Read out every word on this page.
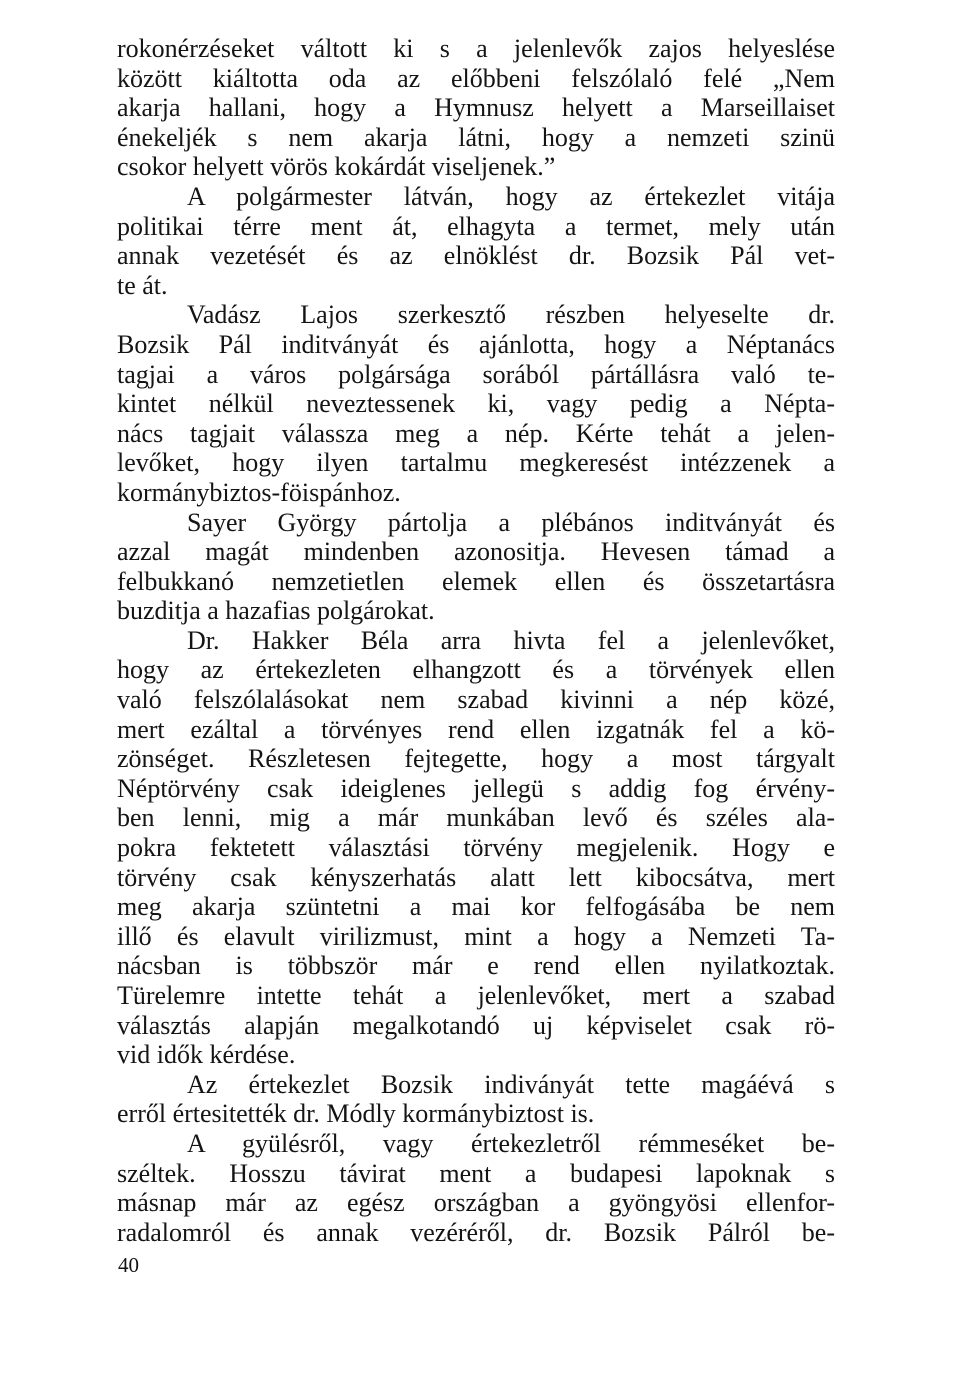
rokonérzéseket váltott ki s a jelenlevők zajos helyeslése
között kiáltotta oda az előbbeni felszólaló felé „Nem
akarja hallani, hogy a Hymnusz helyett a Marseillaiset
énekeljék s nem akarja látni, hogy a nemzeti szinü
csokor helyett vörös kokárdát viseljenek.”
A polgármester látván, hogy az értekezlet vitája
politikai térre ment át, elhagyta a termet, mely után
annak vezetését és az elnöklést dr. Bozsik Pál vet-
te át.
Vadász Lajos szerkesztő részben helyeselte dr.
Bozsik Pál inditványát és ajánlotta, hogy a Néptanács
tagjai a város polgársága sorából pártállásra való te-
kintet nélkül neveztessenek ki, vagy pedig a Népta-
nács tagjait válassza meg a nép. Kérte tehát a jelen-
levőket, hogy ilyen tartalmu megkeresést intézzenek a
kormánybiztos-föispánhoz.
Sayer György pártolja a plébános inditványát és
azzal magát mindenben azonositja. Hevesen támad a
felbukkanó nemzetietlen elemek ellen és összetartásra
buzditja a hazafias polgárokat.
Dr. Hakker Béla arra hivta fel a jelenlevőket,
hogy az értekezleten elhangzott és a törvények ellen
való felszólalásokat nem szabad kivinni a nép közé,
mert ezáltal a törvényes rend ellen izgatnák fel a kö-
zönséget. Részletesen fejtegette, hogy a most tárgyalt
Néptörvény csak ideiglenes jellegü s addig fog érvény-
ben lenni, mig a már munkában levő és széles ala-
pokra fektetett választási törvény megjelenik. Hogy e
törvény csak kényszerhatás alatt lett kibocsátva, mert
meg akarja szüntetni a mai kor felfogásába be nem
illő és elavult virilizmust, mint a hogy a Nemzeti Ta-
nácsban is többször már e rend ellen nyilatkoztak.
Türelemre intette tehát a jelenlevőket, mert a szabad
választás alapján megalkotandó uj képviselet csak rö-
vid idők kérdése.
Az értekezlet Bozsik indiványát tette magáévá s
erről értesitették dr. Módly kormánybiztost is.
A gyülésről, vagy értekezletről rémmeséket be-
széltek. Hosszu távirat ment a budapesi lapoknak s
másnap már az egész országban a gyöngyösi ellenfor-
radalomról és annak vezéréről, dr. Bozsik Pálról be-
40
